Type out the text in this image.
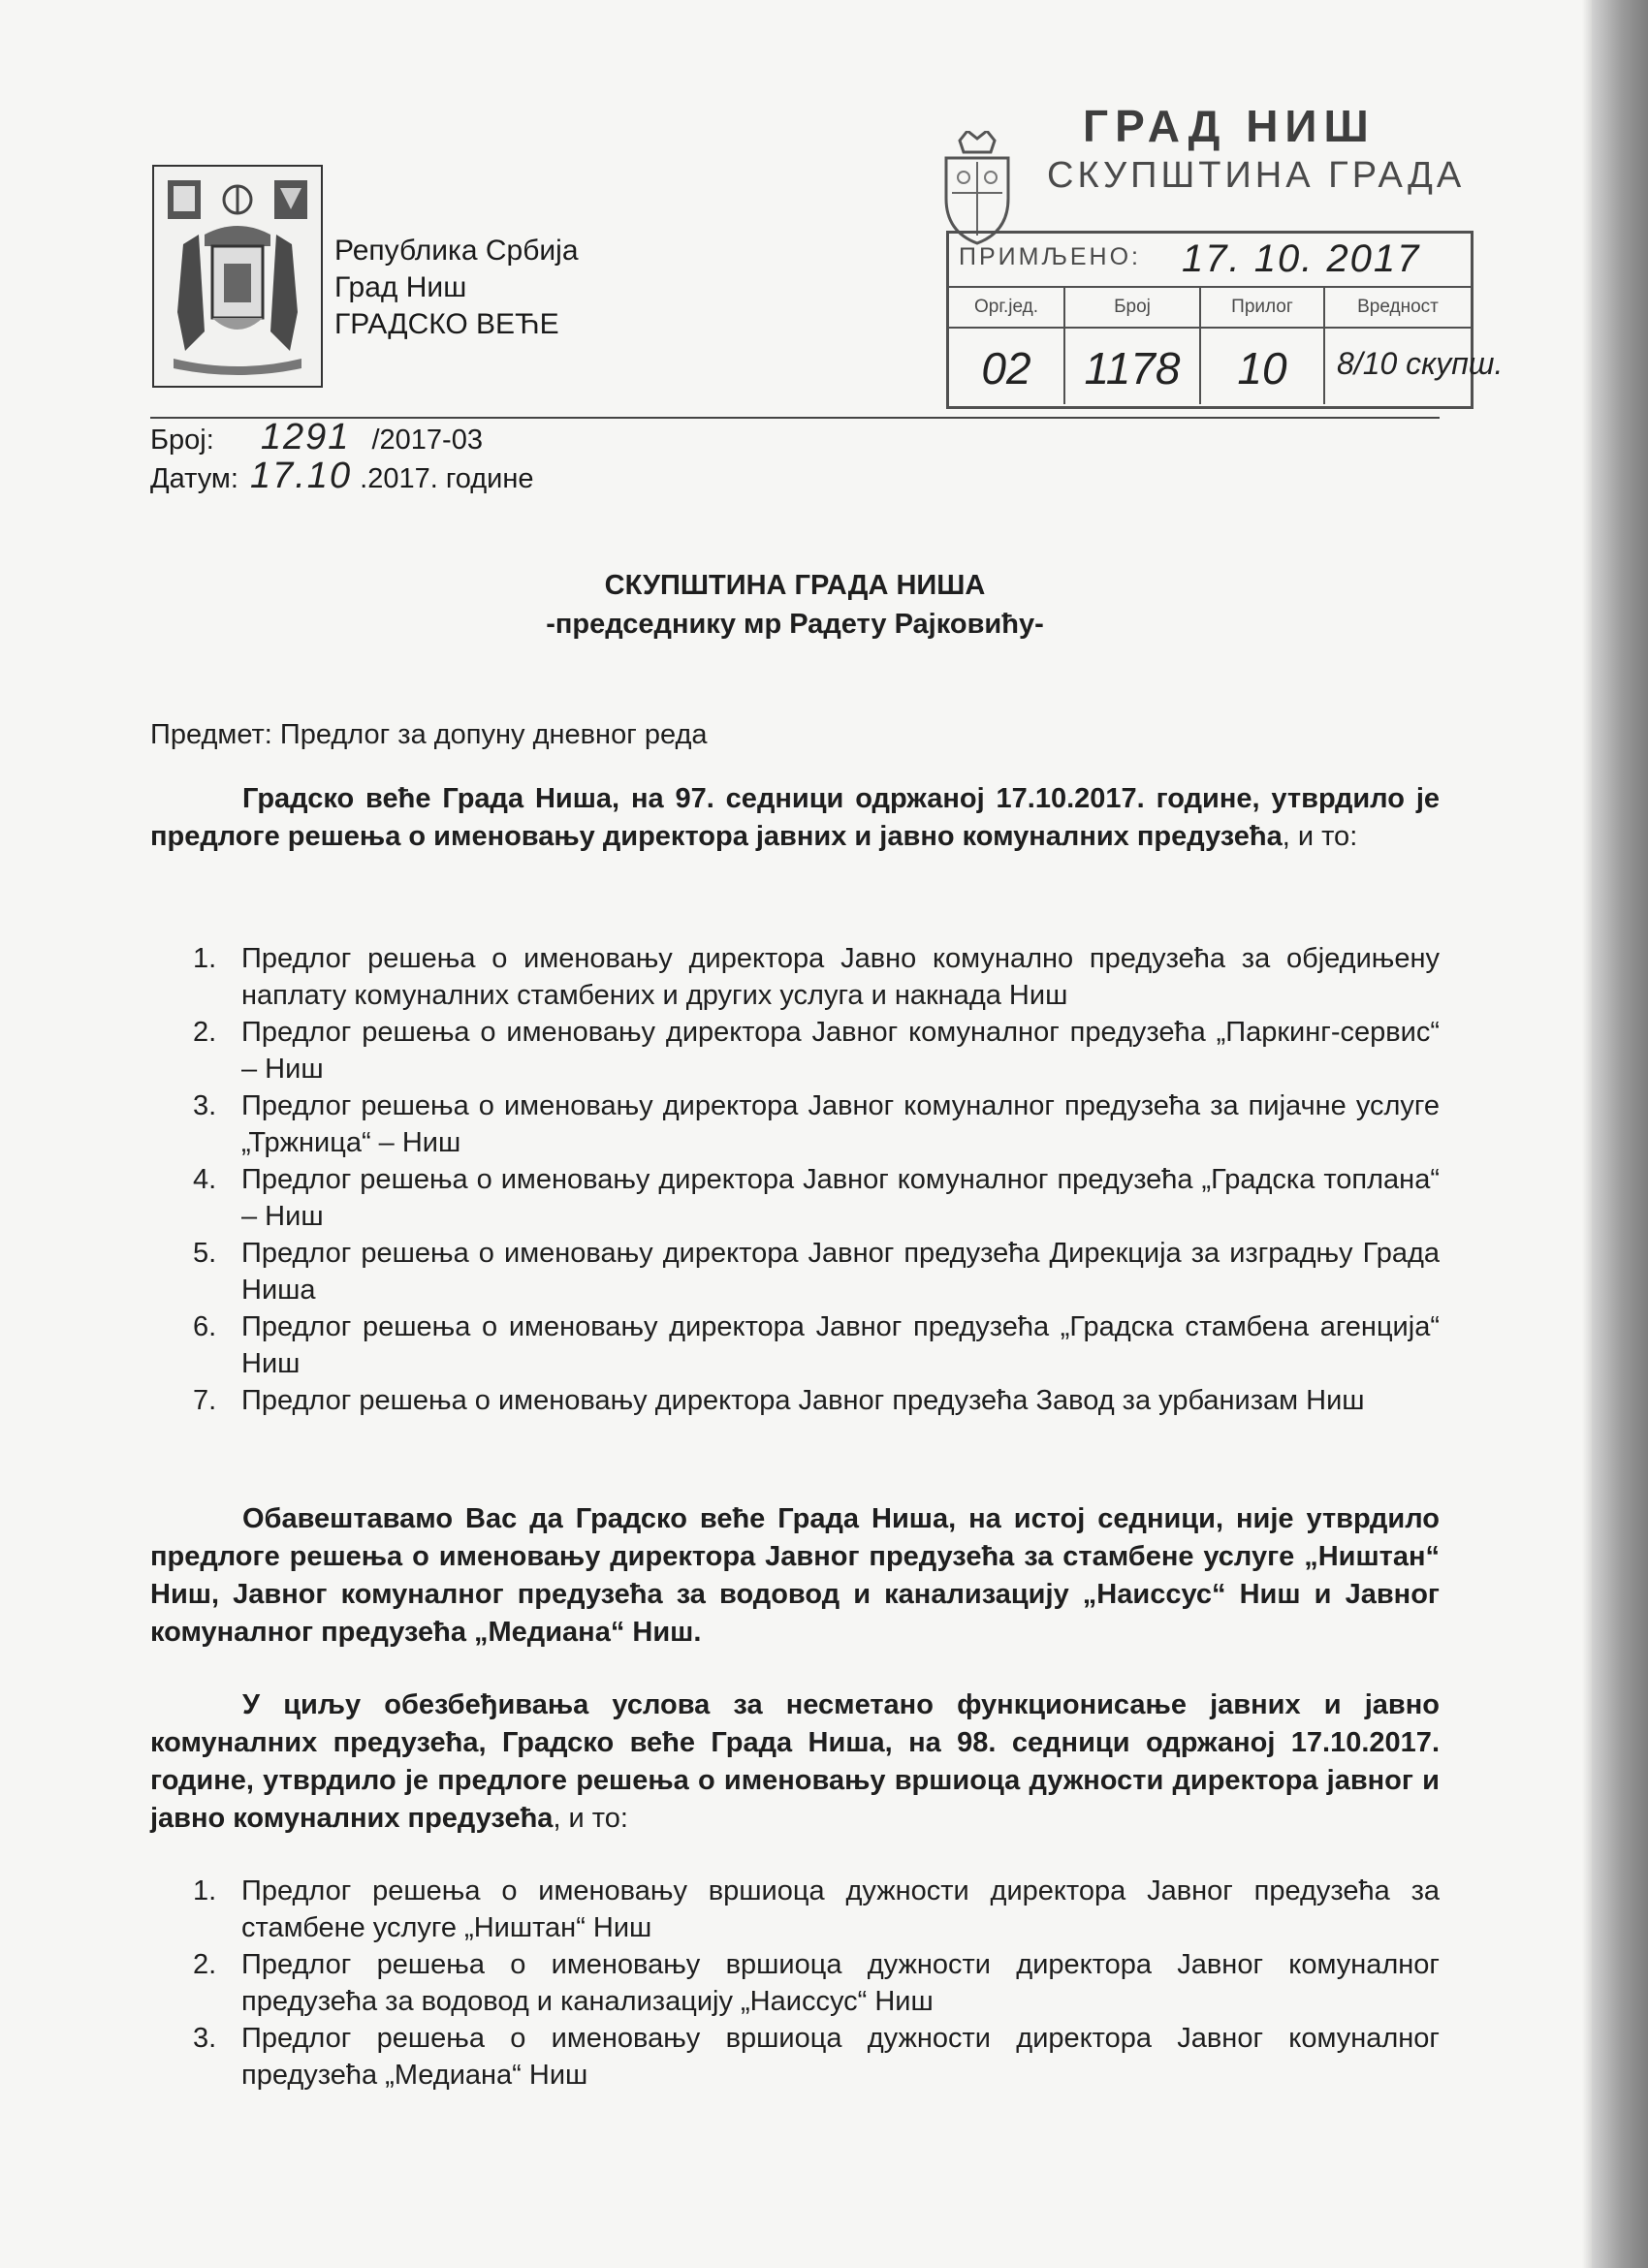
Република Србија
Град Ниш
ГРАДСКО ВЕЋЕ
ГРАД НИШ
СКУПШТИНА ГРАДА
ПРИМЉЕНО: 17. 10. 2017
Орг.јед.	Број	Прилог	Вредност
02	1178	10	8/10 скупш.
Број: 1291 /2017-03
Датум: 17.10 .2017. године
СКУПШТИНА ГРАДА НИША
-председнику мр Радету Рајковићу-
Предмет: Предлог за допуну дневног реда
Градско веће Града Ниша, на 97. седници одржаној 17.10.2017. године, утврдило је предлоге решења о именовању директора јавних и јавно комуналних предузећа, и то:
1. Предлог решења о именовању директора Јавно комунално предузећа за обједињену наплату комуналних стамбених и других услуга и накнада Ниш
2. Предлог решења о именовању директора Јавног комуналног предузећа „Паркинг-сервис“ – Ниш
3. Предлог решења о именовању директора Јавног комуналног предузећа за пијачне услуге „Тржница“ – Ниш
4. Предлог решења о именовању директора Јавног комуналног предузећа „Градска топлана“ – Ниш
5. Предлог решења о именовању директора Јавног предузећа Дирекција за изградњу Града Ниша
6. Предлог решења о именовању директора Јавног предузећа „Градска стамбена агенција“ Ниш
7. Предлог решења о именовању директора Јавног предузећа Завод за урбанизам Ниш
Обавештавамо Вас да Градско веће Града Ниша, на истој седници, није утврдило предлоге решења о именовању директора Јавног предузећа за стамбене услуге „Ништан“ Ниш, Јавног комуналног предузећа за водовод и канализацију „Наиссус“ Ниш и Јавног комуналног предузећа „Медиана“ Ниш.
У циљу обезбеђивања услова за несметано функционисање јавних и јавно комуналних предузећа, Градско веће Града Ниша, на 98. седници одржаној 17.10.2017. године, утврдило је предлоге решења о именовању вршиоца дужности директора јавног и јавно комуналних предузећа, и то:
1. Предлог решења о именовању вршиоца дужности директора Јавног предузећа за стамбене услуге „Ништан“ Ниш
2. Предлог решења о именовању вршиоца дужности директора Јавног комуналног предузећа за водовод и канализацију „Наиссус“ Ниш
3. Предлог решења о именовању вршиоца дужности директора Јавног комуналног предузећа „Медиана“ Ниш
